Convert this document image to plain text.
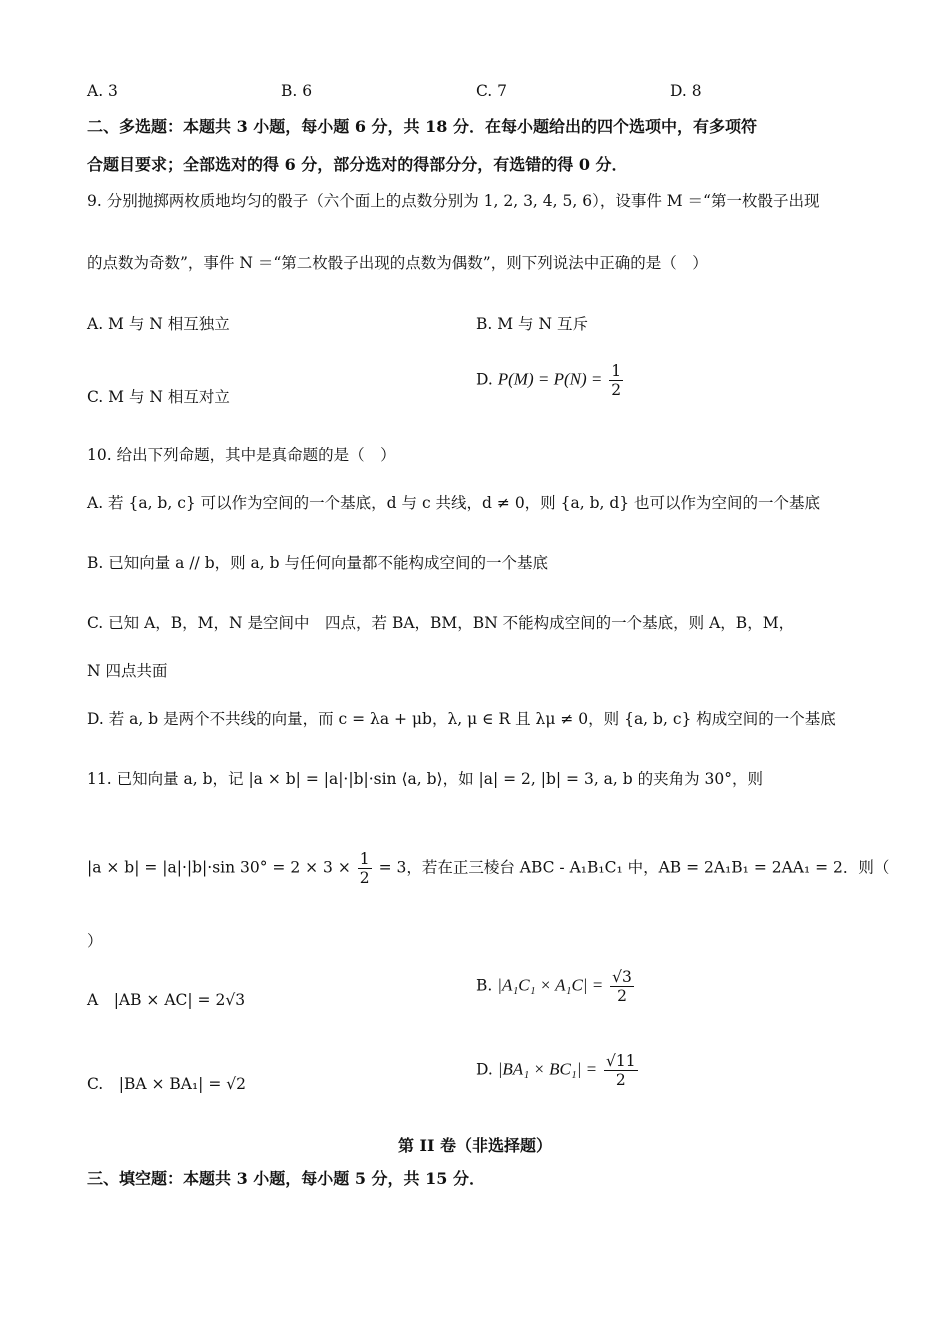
A. 3	B. 6	C. 7	D. 8
二、多选题：本题共 3 小题，每小题 6 分，共 18 分．在每小题给出的四个选项中，有多项符
合题目要求；全部选对的得 6 分，部分选对的得部分分，有选错的得 0 分．
9. 分别抛掷两枚质地均匀的骰子（六个面上的点数分别为 1, 2, 3, 4, 5, 6），设事件 M ＝“第一枚骰子出现
的点数为奇数”，事件 N ＝“第二枚骰子出现的点数为偶数”，则下列说法中正确的是（　）
A. M 与 N 相互独立	B. M 与 N 互斥
C. M 与 N 相互对立
D. $P(M) = P(N) = \frac{1}{2}$
10. 给出下列命题，其中是真命题的是（　）
A. 若 {a, b, c} 可以作为空间的一个基底，d 与 c 共线，d ≠ 0，则 {a, b, d} 也可以作为空间的一个基底
B. 已知向量 a // b，则 a, b 与任何向量都不能构成空间的一个基底
C. 已知 A，B，M，N 是空间中　四点，若 BA，BM，BN 不能构成空间的一个基底，则 A，B，M，
N 四点共面
D. 若 a, b 是两个不共线的向量，而 c = λa + μb，λ, μ ∈ R 且 λμ ≠ 0，则 {a, b, c} 构成空间的一个基底
11. 已知向量 a, b，记 |a × b| = |a|·|b|·sin ⟨a, b⟩，如 |a| = 2, |b| = 3, a, b 的夹角为 30°，则
|a × b| = |a|·|b|·sin $30^\circ = 2 \times 3 \times \frac{1}{2} = 3$，若在正三棱台 ABC - A₁B₁C₁ 中，AB = 2A₁B₁ = 2AA₁ = 2．则（
）
A　|AB × AC| = 2√3
B. $|A_1C_1 \times A_1C| = \frac{√3}{2}$
C.　|BA × BA₁| = √2
D. $|BA_1 \times BC_1| = \frac{√11}{2}$
第 II 卷（非选择题）
三、填空题：本题共 3 小题，每小题 5 分，共 15 分．
